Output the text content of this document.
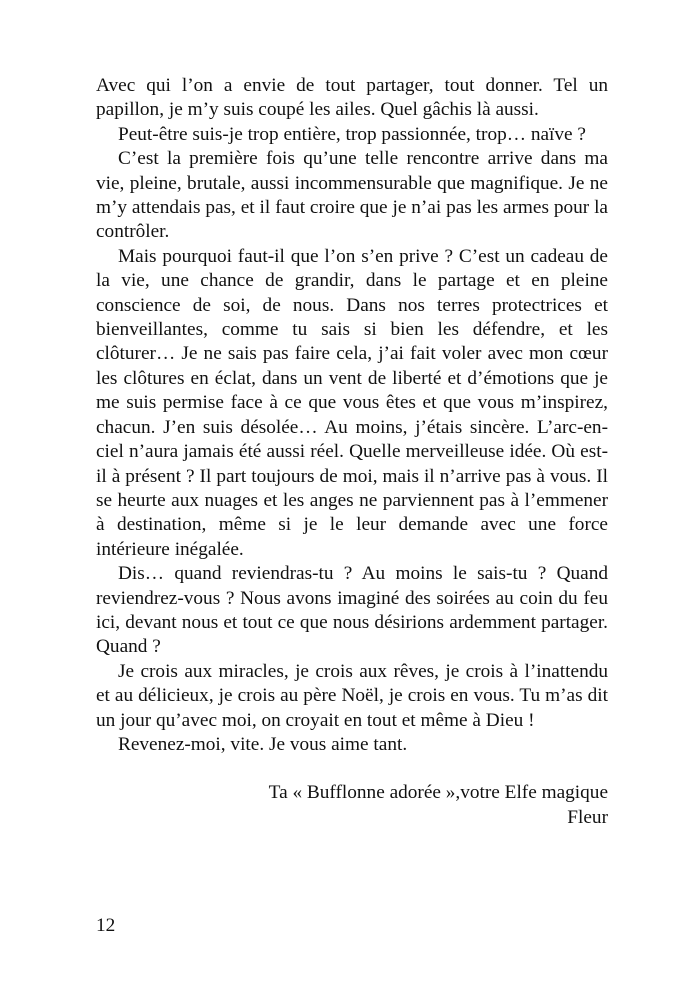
Avec qui l’on a envie de tout partager, tout donner. Tel un papillon, je m’y suis coupé les ailes. Quel gâchis là aussi.

Peut-être suis-je trop entière, trop passionnée, trop… naïve ?

C’est la première fois qu’une telle rencontre arrive dans ma vie, pleine, brutale, aussi incommensurable que magnifique. Je ne m’y attendais pas, et il faut croire que je n’ai pas les armes pour la contrôler.

Mais pourquoi faut-il que l’on s’en prive ? C’est un cadeau de la vie, une chance de grandir, dans le partage et en pleine conscience de soi, de nous. Dans nos terres protectrices et bienveillantes, comme tu sais si bien les défendre, et les clôturer… Je ne sais pas faire cela, j’ai fait voler avec mon cœur les clôtures en éclat, dans un vent de liberté et d’émotions que je me suis permise face à ce que vous êtes et que vous m’inspirez, chacun. J’en suis désolée… Au moins, j’étais sincère. L’arc-en-ciel n’aura jamais été aussi réel. Quelle merveilleuse idée. Où est-il à présent ? Il part toujours de moi, mais il n’arrive pas à vous. Il se heurte aux nuages et les anges ne parviennent pas à l’emmener à destination, même si je le leur demande avec une force intérieure inégalée.

Dis… quand reviendras-tu ? Au moins le sais-tu ? Quand reviendrez-vous ? Nous avons imaginé des soirées au coin du feu ici, devant nous et tout ce que nous désirions ardemment partager. Quand ?

Je crois aux miracles, je crois aux rêves, je crois à l’inattendu et au délicieux, je crois au père Noël, je crois en vous. Tu m’as dit un jour qu’avec moi, on croyait en tout et même à Dieu !

Revenez-moi, vite. Je vous aime tant.

Ta « Bufflonne adorée »,votre Elfe magique
Fleur
12
